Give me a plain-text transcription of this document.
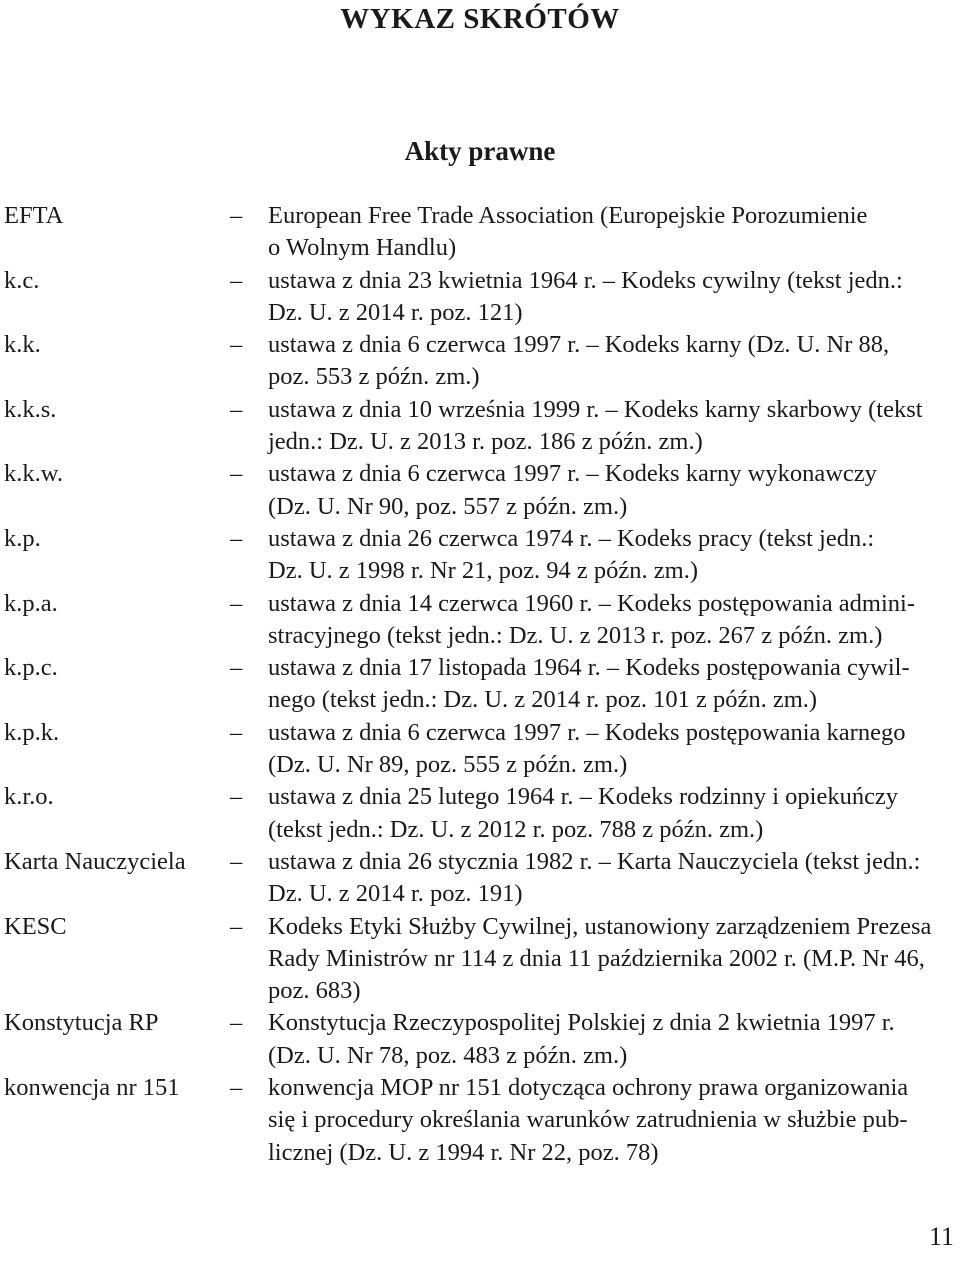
WYKAZ SKRÓTÓW
Akty prawne
EFTA	–	European Free Trade Association (Europejskie Porozumienie
o Wolnym Handlu)
k.c.	–	ustawa z dnia 23 kwietnia 1964 r. – Kodeks cywilny (tekst jedn.:
Dz. U. z 2014 r. poz. 121)
k.k.	–	ustawa z dnia 6 czerwca 1997 r. – Kodeks karny (Dz. U. Nr 88,
poz. 553 z późn. zm.)
k.k.s.	–	ustawa z dnia 10 września 1999 r. – Kodeks karny skarbowy (tekst
jedn.: Dz. U. z 2013 r. poz. 186 z późn. zm.)
k.k.w.	–	ustawa z dnia 6 czerwca 1997 r. – Kodeks karny wykonawczy
(Dz. U. Nr 90, poz. 557 z późn. zm.)
k.p.	–	ustawa z dnia 26 czerwca 1974 r. – Kodeks pracy (tekst jedn.:
Dz. U. z 1998 r. Nr 21, poz. 94 z późn. zm.)
k.p.a.	–	ustawa z dnia 14 czerwca 1960 r. – Kodeks postępowania admini-
stracyjnego (tekst jedn.: Dz. U. z 2013 r. poz. 267 z późn. zm.)
k.p.c.	–	ustawa z dnia 17 listopada 1964 r. – Kodeks postępowania cywil-
nego (tekst jedn.: Dz. U. z 2014 r. poz. 101 z późn. zm.)
k.p.k.	–	ustawa z dnia 6 czerwca 1997 r. – Kodeks postępowania karnego
(Dz. U. Nr 89, poz. 555 z późn. zm.)
k.r.o.	–	ustawa z dnia 25 lutego 1964 r. – Kodeks rodzinny i opiekuńczy
(tekst jedn.: Dz. U. z 2012 r. poz. 788 z późn. zm.)
Karta Nauczyciela	–	ustawa z dnia 26 stycznia 1982 r. – Karta Nauczyciela (tekst jedn.:
Dz. U. z 2014 r. poz. 191)
KESC	–	Kodeks Etyki Służby Cywilnej, ustanowiony zarządzeniem Prezesa
Rady Ministrów nr 114 z dnia 11 października 2002 r. (M.P. Nr 46,
poz. 683)
Konstytucja RP	–	Konstytucja Rzeczypospolitej Polskiej z dnia 2 kwietnia 1997 r.
(Dz. U. Nr 78, poz. 483 z późn. zm.)
konwencja nr 151	–	konwencja MOP nr 151 dotycząca ochrony prawa organizowania
się i procedury określania warunków zatrudnienia w służbie pub-
licznej (Dz. U. z 1994 r. Nr 22, poz. 78)
11
